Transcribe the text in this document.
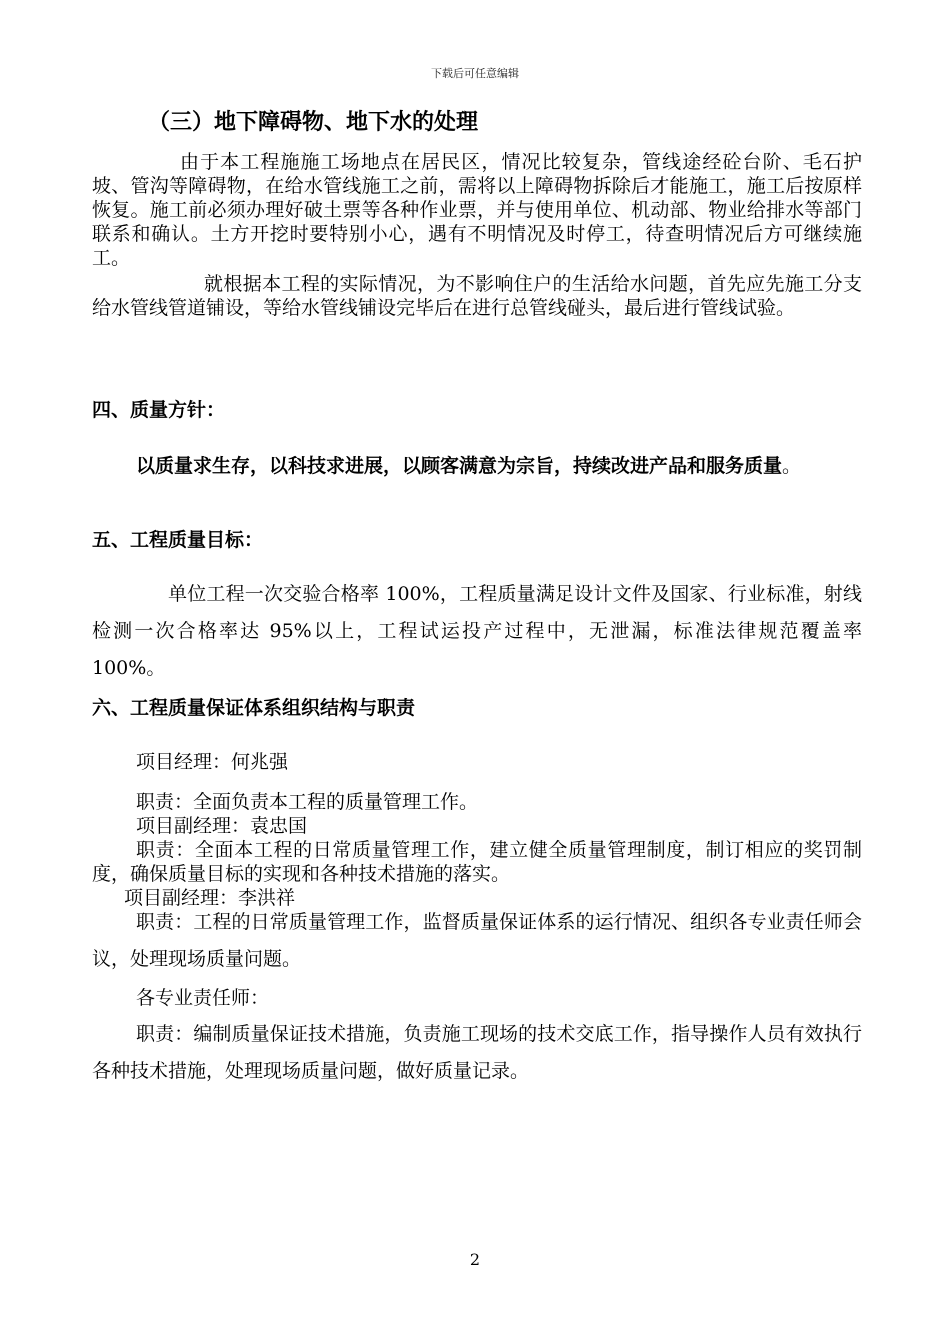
下载后可任意编辑
（三）地下障碍物、地下水的处理

由于本工程施施工场地点在居民区，情况比较复杂，管线途经砼台阶、毛石护坡、管沟等障碍物，在给水管线施工之前，需将以上障碍物拆除后才能施工，施工后按原样恢复。施工前必须办理好破土票等各种作业票，并与使用单位、机动部、物业给排水等部门联系和确认。土方开挖时要特别小心，遇有不明情况及时停工，待查明情况后方可继续施工。

就根据本工程的实际情况，为不影响住户的生活给水问题，首先应先施工分支给水管线管道铺设，等给水管线铺设完毕后在进行总管线碰头，最后进行管线试验。

四、质量方针：

以质量求生存，以科技求进展，以顾客满意为宗旨，持续改进产品和服务质量。

五、工程质量目标：

单位工程一次交验合格率 100%，工程质量满足设计文件及国家、行业标准，射线检测一次合格率达 95%以上，工程试运投产过程中，无泄漏，标准法律规范覆盖率 100%。

六、工程质量保证体系组织结构与职责

项目经理：何兆强

职责：全面负责本工程的质量管理工作。

项目副经理：袁忠国

职责：全面本工程的日常质量管理工作，建立健全质量管理制度，制订相应的奖罚制度，确保质量目标的实现和各种技术措施的落实。

项目副经理：李洪祥

职责：工程的日常质量管理工作，监督质量保证体系的运行情况、组织各专业责任师会议，处理现场质量问题。

各专业责任师：

职责：编制质量保证技术措施，负责施工现场的技术交底工作，指导操作人员有效执行各种技术措施，处理现场质量问题，做好质量记录。

2
